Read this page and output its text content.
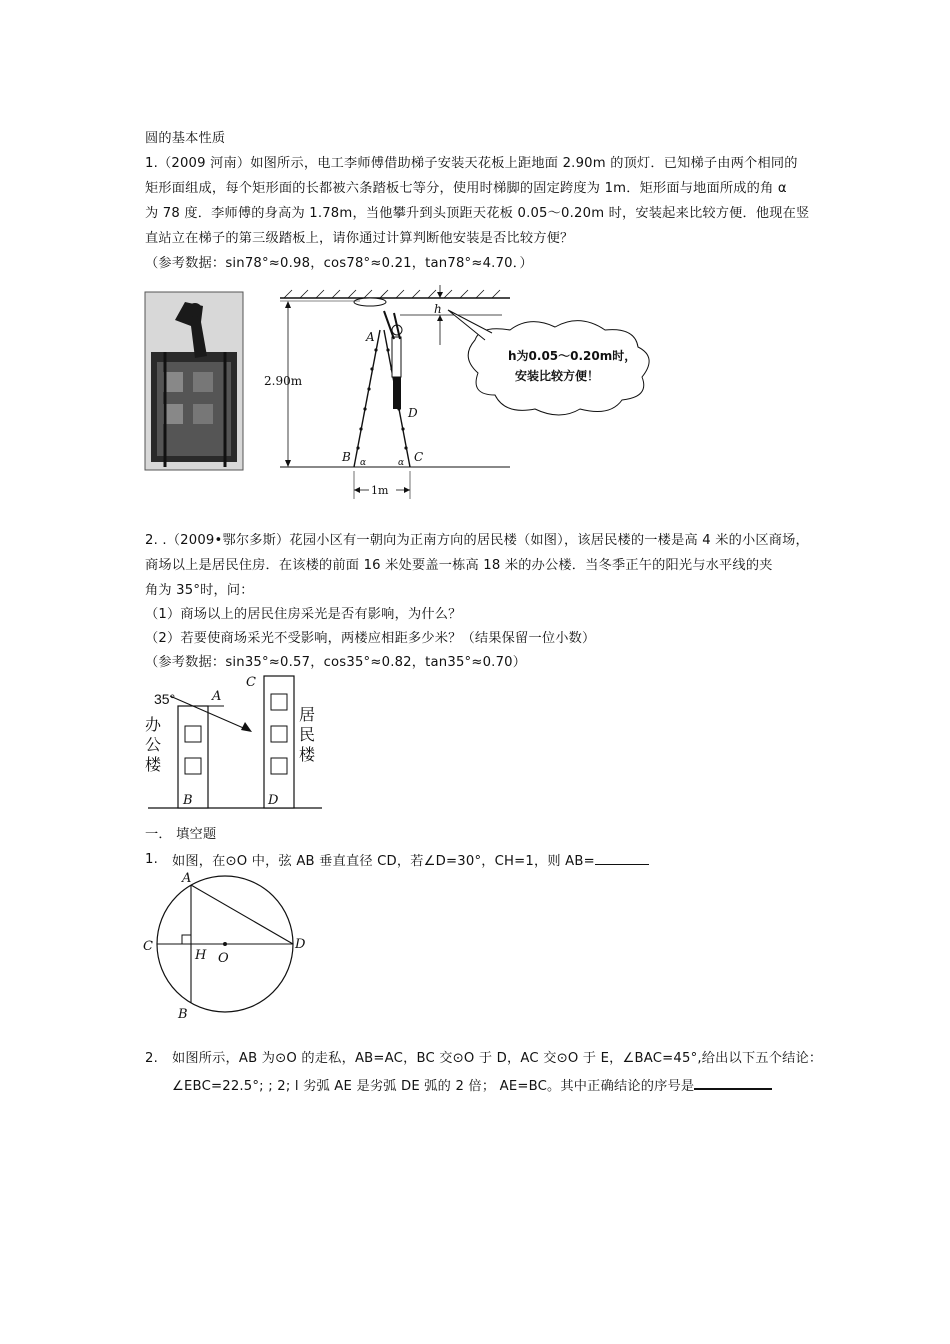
圆的基本性质
1.（2009 河南）如图所示，电工李师傅借助梯子安装天花板上距地面 2.90m 的顶灯．已知梯子由两个相同的
矩形面组成，每个矩形面的长都被六条踏板七等分，使用时梯脚的固定跨度为 1m．矩形面与地面所成的角 α
为 78 度．李师傅的身高为 1.78m，当他攀升到头顶距天花板 0.05～0.20m 时，安装起来比较方便．他现在竖
直站立在梯子的第三级踏板上，请你通过计算判断他安装是否比较方便？
（参考数据：sin78°≈0.98，cos78°≈0.21，tan78°≈4.70．）
2.90m
h
A
B	C
D
α	α
1m
h为0.05～0.20m时，
安装比较方便！
2. .（2009•鄂尔多斯）花园小区有一朝向为正南方向的居民楼（如图），该居民楼的一楼是高 4 米的小区商场，
商场以上是居民住房．在该楼的前面 16 米处要盖一栋高 18 米的办公楼．当冬季正午的阳光与水平线的夹
角为 35°时，问：
（1）商场以上的居民住房采光是否有影响，为什么？
（2）若要使商场采光不受影响，两楼应相距多少米？（结果保留一位小数）
（参考数据：sin35°≈0.57，cos35°≈0.82，tan35°≈0.70）
35°	A
B
C
D
办
公
楼
居
民
楼
一． 填空题
1. 如图，在⊙O 中，弦 AB 垂直直径 CD，若∠D=30°，CH=1，则 AB=
A
B
C	D
H O
2. 如图所示，AB 为⊙O 的走私，AB=AC，BC 交⊙O 于 D，AC 交⊙O 于 E，∠BAC=45°,给出以下五个结论：
∠EBC=22.5°; ; 2; l 劣弧 AE 是劣弧 DE 弧的 2 倍； AE=BC。其中正确结论的序号是
